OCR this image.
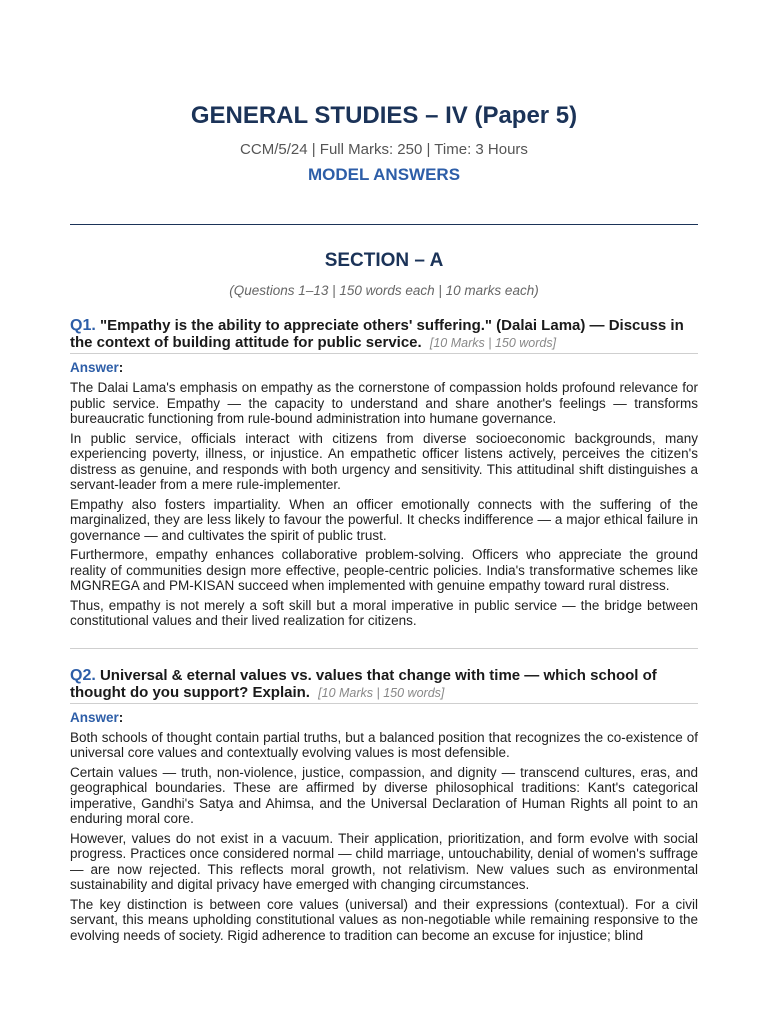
GENERAL STUDIES – IV (Paper 5)
CCM/5/24 | Full Marks: 250 | Time: 3 Hours
MODEL ANSWERS
SECTION – A
(Questions 1–13 | 150 words each | 10 marks each)
Q1. "Empathy is the ability to appreciate others' suffering." (Dalai Lama) — Discuss in the context of building attitude for public service. [10 Marks | 150 words]
Answer:

The Dalai Lama's emphasis on empathy as the cornerstone of compassion holds profound relevance for public service. Empathy — the capacity to understand and share another's feelings — transforms bureaucratic functioning from rule-bound administration into humane governance.

In public service, officials interact with citizens from diverse socioeconomic backgrounds, many experiencing poverty, illness, or injustice. An empathetic officer listens actively, perceives the citizen's distress as genuine, and responds with both urgency and sensitivity. This attitudinal shift distinguishes a servant-leader from a mere rule-implementer.

Empathy also fosters impartiality. When an officer emotionally connects with the suffering of the marginalized, they are less likely to favour the powerful. It checks indifference — a major ethical failure in governance — and cultivates the spirit of public trust.

Furthermore, empathy enhances collaborative problem-solving. Officers who appreciate the ground reality of communities design more effective, people-centric policies. India's transformative schemes like MGNREGA and PM-KISAN succeed when implemented with genuine empathy toward rural distress.

Thus, empathy is not merely a soft skill but a moral imperative in public service — the bridge between constitutional values and their lived realization for citizens.

Q2. Universal & eternal values vs. values that change with time — which school of thought do you support? Explain. [10 Marks | 150 words]
Answer:

Both schools of thought contain partial truths, but a balanced position that recognizes the co-existence of universal core values and contextually evolving values is most defensible.

Certain values — truth, non-violence, justice, compassion, and dignity — transcend cultures, eras, and geographical boundaries. These are affirmed by diverse philosophical traditions: Kant's categorical imperative, Gandhi's Satya and Ahimsa, and the Universal Declaration of Human Rights all point to an enduring moral core.

However, values do not exist in a vacuum. Their application, prioritization, and form evolve with social progress. Practices once considered normal — child marriage, untouchability, denial of women's suffrage — are now rejected. This reflects moral growth, not relativism. New values such as environmental sustainability and digital privacy have emerged with changing circumstances.

The key distinction is between core values (universal) and their expressions (contextual). For a civil servant, this means upholding constitutional values as non-negotiable while remaining responsive to the evolving needs of society. Rigid adherence to tradition can become an excuse for injustice; blind
